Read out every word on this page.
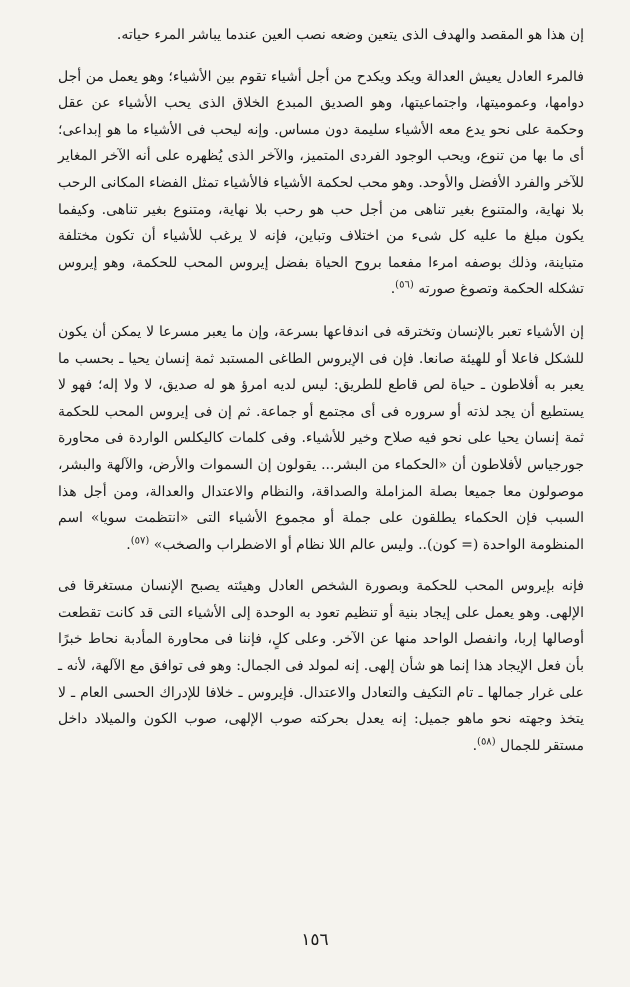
إن هذا هو المقصد والهدف الذى يتعين وضعه نصب العين عندما يباشر المرء حياته.

فالمرء العادل يعيش العدالة ويكد ويكدح من أجل أشياء تقوم بين الأشياء؛ وهو يعمل من أجل دوامها، وعموميتها، واجتماعيتها، وهو الصديق المبدع الخلاق الذى يحب الأشياء عن عقل وحكمة على نحو يدع معه الأشياء سليمة دون مساس. وإنه ليحب فى الأشياء ما هو إبداعى؛ أى ما بها من تنوع، ويحب الوجود الفردى المتميز، والآخر الذى يُظهره على أنه الآخر المغاير للآخر والفرد الأفضل والأوحد. وهو محب لحكمة الأشياء فالأشياء تمثل الفضاء المكانى الرحب بلا نهاية، والمتنوع بغير تناهى من أجل حب هو رحب بلا نهاية، ومتنوع بغير تناهى. وكيفما يكون مبلغ ما عليه كل شىء من اختلاف وتباين، فإنه لا يرغب للأشياء أن تكون مختلفة متباينة، وذلك بوصفه امرءا مفعما بروح الحياة بفضل إيروس المحب للحكمة، وهو إيروس تشكله الحكمة وتصوغ صورته $^{(٥٦)}$.

إن الأشياء تعبر بالإنسان وتخترقه فى اندفاعها بسرعة، وإن ما يعبر مسرعا لا يمكن أن يكون للشكل فاعلا أو للهيئة صانعا. فإن فى الإيروس الطاغى المستبد ثمة إنسان يحيا ـ بحسب ما يعبر به أفلاطون ـ حياة لص قاطع للطريق: ليس لديه امرؤ هو له صديق، لا ولا إله؛ فهو لا يستطيع أن يجد لذته أو سروره فى أى مجتمع أو جماعة. ثم إن فى إيروس المحب للحكمة ثمة إنسان يحيا على نحو فيه صلاح وخير للأشياء. وفى كلمات كاليكلس الواردة فى محاورة جورجياس لأفلاطون أن «الحكماء من البشر... يقولون إن السموات والأرض، والآلهة والبشر، موصولون معا جميعا بصلة المزاملة والصداقة، والنظام والاعتدال والعدالة، ومن أجل هذا السبب فإن الحكماء يطلقون على جملة أو مجموع الأشياء التى «انتظمت سويا» اسم المنظومة الواحدة (= كون).. وليس عالم اللا نظام أو الاضطراب والصخب» $^{(٥٧)}$.

فإنه بإيروس المحب للحكمة وبصورة الشخص العادل وهيئته يصبح الإنسان مستغرقا فى الإلهى. وهو يعمل على إيجاد بنية أو تنظيم تعود به الوحدة إلى الأشياء التى قد كانت تقطعت أوصالها إربا، وانفصل الواحد منها عن الآخر. وعلى كلٍ، فإننا فى محاورة المأدبة نحاط خبرًا بأن فعل الإيجاد هذا إنما هو شأن إلهى. إنه لمولد فى الجمال: وهو فى توافق مع الآلهة، لأنه ـ على غرار جمالها ـ تام التكيف والتعادل والاعتدال. فإيروس ـ خلافا للإدراك الحسى العام ـ لا يتخذ وجهته نحو ماهو جميل: إنه يعدل بحركته صوب الإلهى، صوب الكون والميلاد داخل مستقر للجمال $^{(٥٨)}$.

١٥٦
